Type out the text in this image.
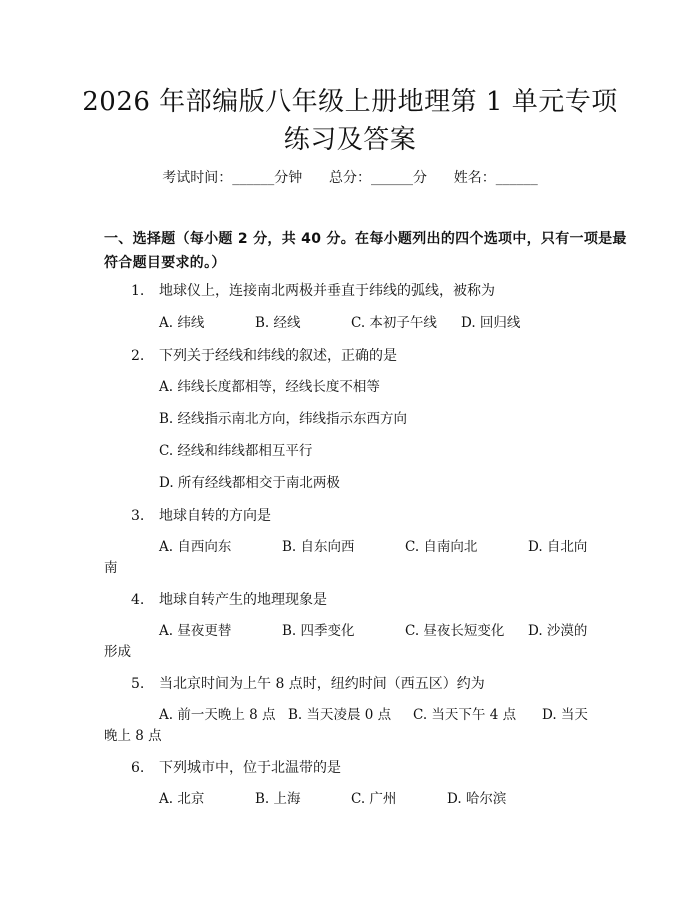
2026 年部编版八年级上册地理第 1 单元专项
练习及答案
考试时间：______分钟      总分：______分      姓名：______
一、选择题（每小题 2 分，共 40 分。在每小题列出的四个选项中，只有一项是最
符合题目要求的。）
1.	地球仪上，连接南北两极并垂直于纬线的弧线，被称为
A. 纬线	B. 经线	C. 本初子午线 D. 回归线
2.	下列关于经线和纬线的叙述，正确的是
A. 纬线长度都相等，经线长度不相等
B. 经线指示南北方向，纬线指示东西方向
C. 经线和纬线都相互平行
D. 所有经线都相交于南北两极
3.	地球自转的方向是
A. 自西向东	B. 自东向西	C. 自南向北	D. 自北向
南
4.	地球自转产生的地理现象是
A. 昼夜更替	B. 四季变化	C. 昼夜长短变化 D. 沙漠的
形成
5.	当北京时间为上午 8 点时，纽约时间（西五区）约为
A. 前一天晚上 8 点 B. 当天凌晨 0 点 C. 当天下午 4 点 D. 当天
晚上 8 点
6.	下列城市中，位于北温带的是
A. 北京	B. 上海	C. 广州	D. 哈尔滨
